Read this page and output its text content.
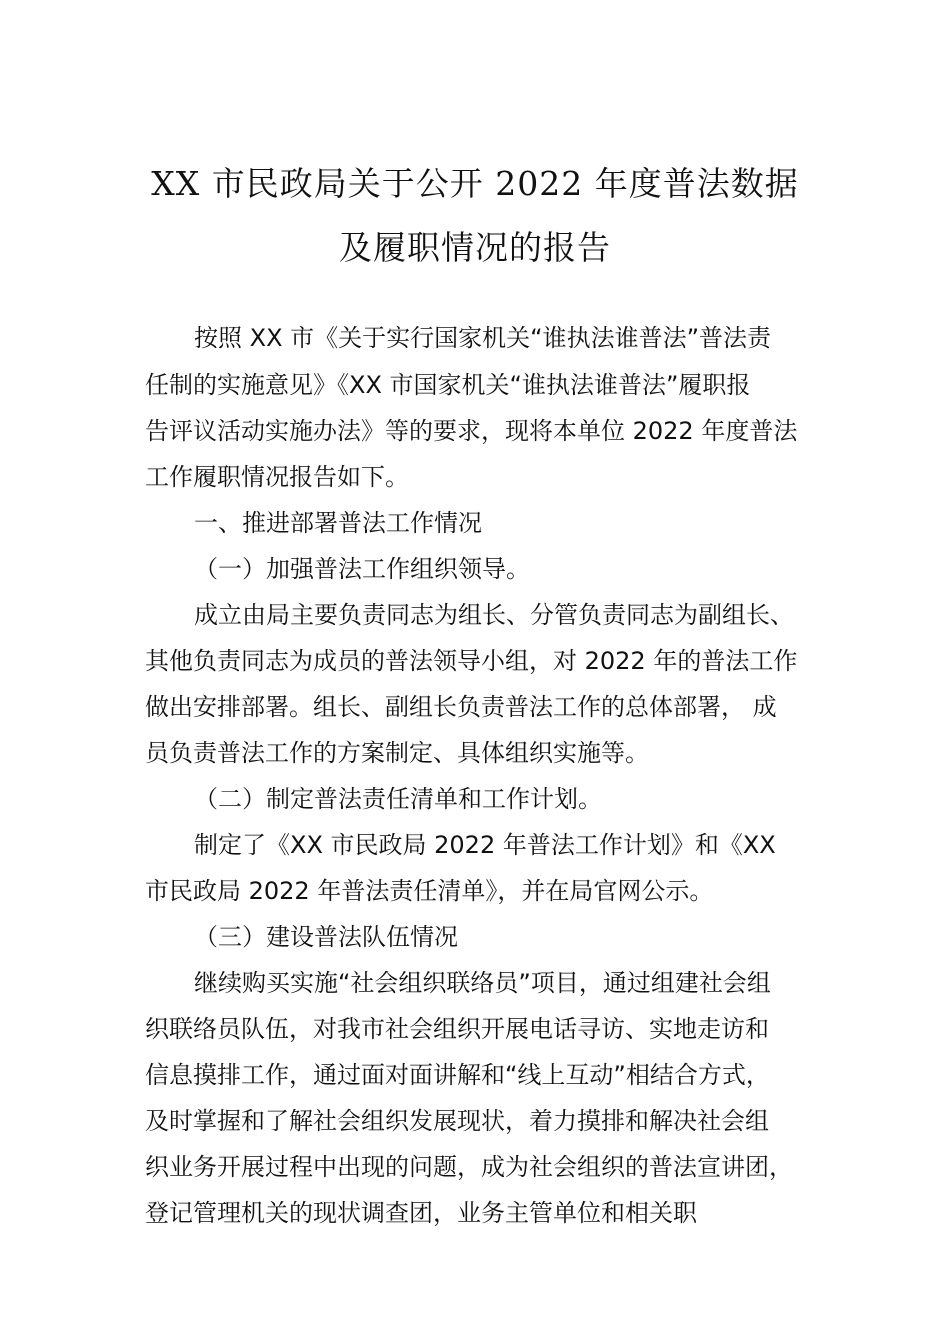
XX 市民政局关于公开 2022 年度普法数据
及履职情况的报告
按照 XX 市《关于实行国家机关“谁执法谁普法”普法责
任制的实施意见》《XX 市国家机关“谁执法谁普法”履职报
告评议活动实施办法》等的要求，现将本单位 2022 年度普法
工作履职情况报告如下。
一、推进部署普法工作情况
（一）加强普法工作组织领导。
成立由局主要负责同志为组长、分管负责同志为副组长、
其他负责同志为成员的普法领导小组，对 2022 年的普法工作
做出安排部署。组长、副组长负责普法工作的总体部署， 成
员负责普法工作的方案制定、具体组织实施等。
（二）制定普法责任清单和工作计划。
制定了《XX 市民政局 2022 年普法工作计划》和《XX
市民政局 2022 年普法责任清单》，并在局官网公示。
（三）建设普法队伍情况
继续购买实施“社会组织联络员”项目，通过组建社会组
织联络员队伍，对我市社会组织开展电话寻访、实地走访和
信息摸排工作，通过面对面讲解和“线上互动”相结合方式，
及时掌握和了解社会组织发展现状，着力摸排和解决社会组
织业务开展过程中出现的问题，成为社会组织的普法宣讲团，
登记管理机关的现状调查团，业务主管单位和相关职
